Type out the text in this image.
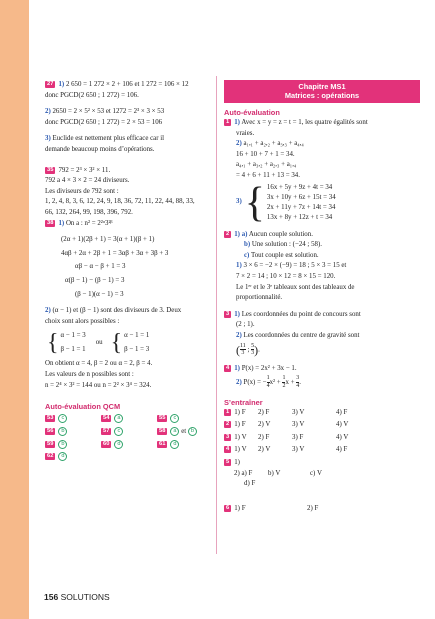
27 1) 2 650 = 1 272 × 2 + 106 et 1 272 = 106 × 12
donc PGCD(2 650 ; 1 272) = 106.
2) 2650 = 2 × 5² × 53 et 1272 = 2³ × 3 × 53
donc PGCD(2 650 ; 1 272) = 2 × 53 = 106
3) Euclide est nettement plus efficace car il
demande beaucoup moins d’opérations.
35 792 = 2³ × 3² × 11.
792 a 4 × 3 × 2 = 24 diviseurs.
Les diviseurs de 792 sont :
1, 2, 4, 8, 3, 6, 12, 24, 9, 18, 36, 72, 11, 22, 44, 88, 33,
66, 132, 264, 99, 198, 396, 792.
38 1) On a : n² = 2²ᵅ3²ᵝ
(2α + 1)(2β + 1) = 3(α + 1)(β + 1)
4αβ + 2α + 2β + 1 = 3αβ + 3α + 3β + 3
αβ − α − β + 1 = 3
α(β − 1) − (β − 1) = 3
(β − 1)(α − 1) = 3
2) (α − 1) et (β − 1) sont des diviseurs de 3. Deux
choix sont alors possibles :
{ α − 1 = 3
β − 1 = 1
ou { α − 1 = 1
β − 1 = 3
On obtient α = 4, β = 2 ou α = 2, β = 4.
Les valeurs de n possibles sont :
n = 2⁴ × 3² = 144 ou n = 2² × 3⁴ = 324.
Auto-évaluation QCM
53 c	54 a	55 c
56 b	57 c	58 a et b
59 b	60 d	61 d
62 d
Chapitre MS1
Matrices : opérations
Auto-évaluation
1 1) Avec x = y = z = t = 1, les quatre égalités sont
vraies.
2) a₁,₁ + a₂,₂ + a₃,₃ + a₄,₄
16 + 10 + 7 + 1 = 34.
a₄,₁ + a₃,₂ + a₂,₃ + a₁,₄
= 4 + 6 + 11 + 13 = 34.
3) { 16x + 5y + 9z + 4t = 34
3x + 10y + 6z + 15t = 34
2x + 11y + 7z + 14t = 34
13x + 8y + 12z + t = 34
2 1) a) Aucun couple solution.
b) Une solution : (−24 ; 58).
c) Tout couple est solution.
1) 3 × 6 = −2 × (−9) = 18 ; 5 × 3 = 15 et
7 × 2 = 14 ; 10 × 12 = 8 × 15 = 120.
Le 1ᵉʳ et le 3ᵉ tableaux sont des tableaux de
proportionnalité.
3 1) Les coordonnées du point de concours sont
(2 ; 1).
2) Les coordonnées du centre de gravité sont
( $\frac{11}{3}$ ; $\frac{5}{3}$ ).
4 1) P(x) = 2x² + 3x − 1.
2) P(x) = − $\frac{1}{4} x^2 + \frac{1}{2}$ $x + \frac{3}{4}$ .
S’entraîner
1 1) F	2) F	3) V	4) F
2 1) F	2) V	3) V	4) V
3 1) V	2) F	3) F	4) V
4 1) V	2) V	3) V	4) F
5 1)
2) a) F	b) V	c) V
d) F
6 1) F	2) F
156 SOLUTIONS
